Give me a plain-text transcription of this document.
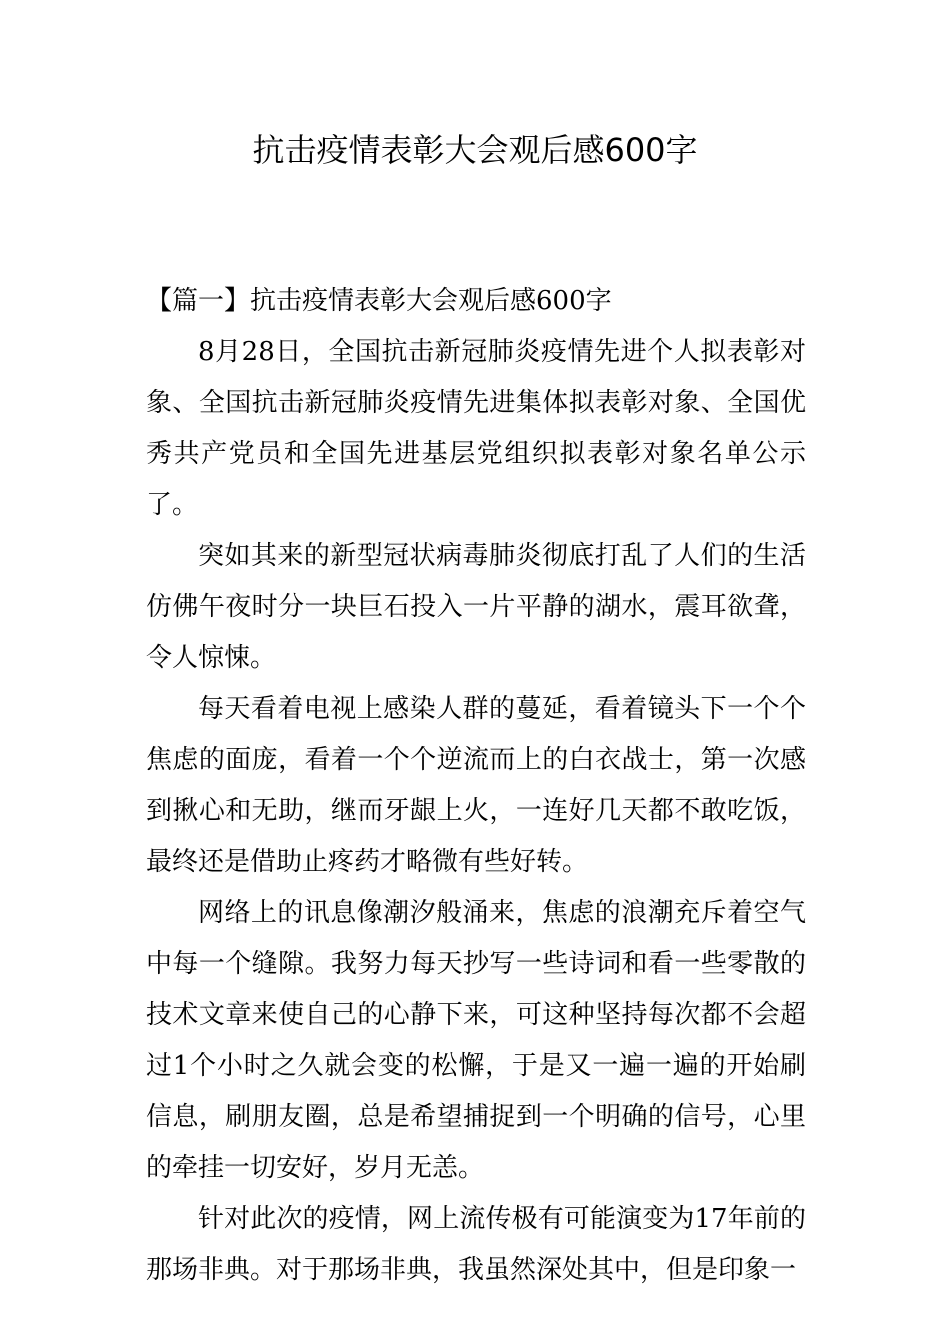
抗击疫情表彰大会观后感600字
【篇一】抗击疫情表彰大会观后感600字

8月28日，全国抗击新冠肺炎疫情先进个人拟表彰对象、全国抗击新冠肺炎疫情先进集体拟表彰对象、全国优秀共产党员和全国先进基层党组织拟表彰对象名单公示了。

突如其来的新型冠状病毒肺炎彻底打乱了人们的生活仿佛午夜时分一块巨石投入一片平静的湖水，震耳欲聋，令人惊悚。

每天看着电视上感染人群的蔓延，看着镜头下一个个焦虑的面庞，看着一个个逆流而上的白衣战士，第一次感到揪心和无助，继而牙龈上火，一连好几天都不敢吃饭，最终还是借助止疼药才略微有些好转。

网络上的讯息像潮汐般涌来，焦虑的浪潮充斥着空气中每一个缝隙。我努力每天抄写一些诗词和看一些零散的技术文章来使自己的心静下来，可这种坚持每次都不会超过1个小时之久就会变的松懈，于是又一遍一遍的开始刷信息，刷朋友圈，总是希望捕捉到一个明确的信号，心里的牵挂一切安好，岁月无恙。

针对此次的疫情，网上流传极有可能演变为17年前的那场非典。对于那场非典，我虽然深处其中，但是印象一
